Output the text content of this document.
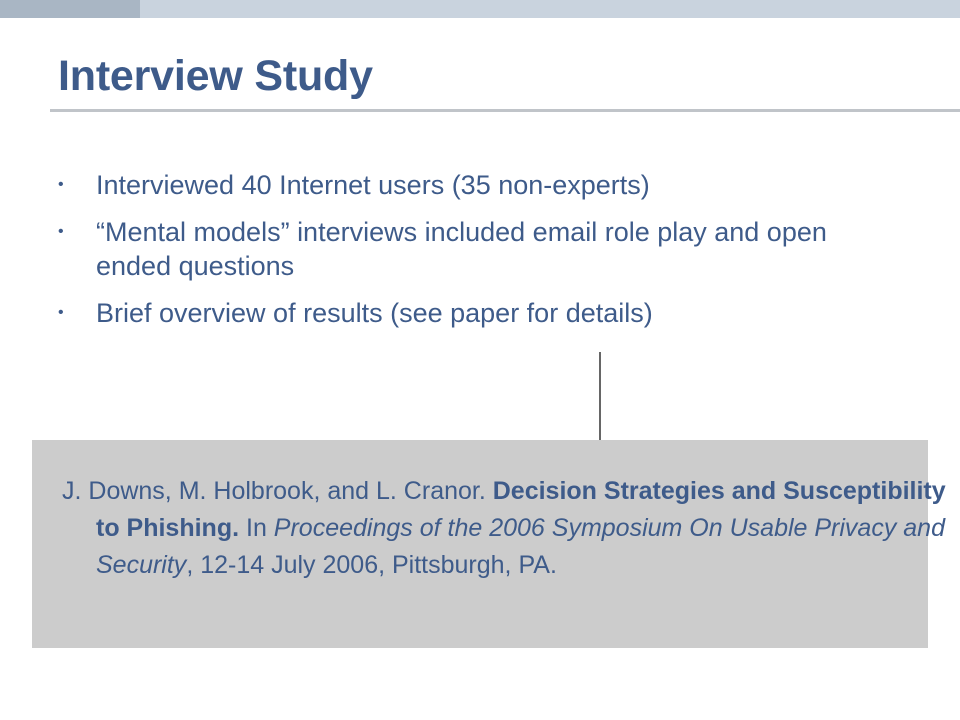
Interview Study
• Interviewed 40 Internet users (35 non-experts)
• “Mental models” interviews included email role play and open ended questions
• Brief overview of results (see paper for details)
J. Downs, M. Holbrook, and L. Cranor. Decision Strategies and Susceptibility to Phishing. In Proceedings of the 2006 Symposium On Usable Privacy and Security, 12-14 July 2006, Pittsburgh, PA.
